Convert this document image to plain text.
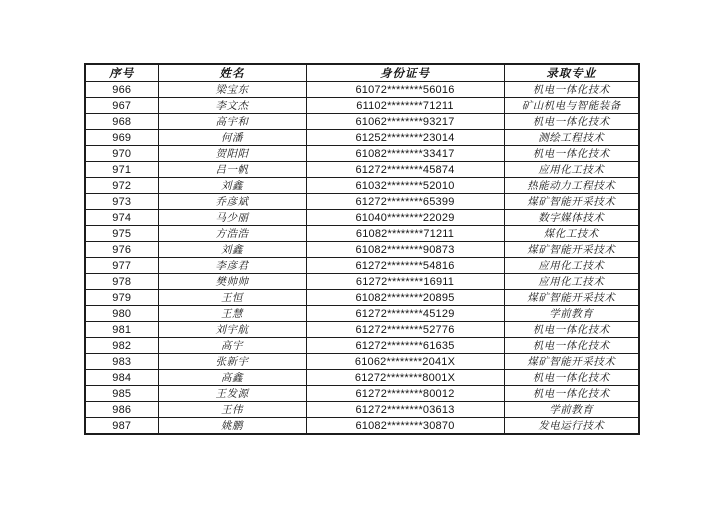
序号	姓名	身份证号	录取专业
966	梁宝东	61072********56016	机电一体化技术
967	李文杰	61102********71211	矿山机电与智能装备
968	高宇和	61062********93217	机电一体化技术
969	何潘	61252********23014	测绘工程技术
970	贺阳阳	61082********33417	机电一体化技术
971	吕一帆	61272********45874	应用化工技术
972	刘鑫	61032********52010	热能动力工程技术
973	乔彦斌	61272********65399	煤矿智能开采技术
974	马少丽	61040********22029	数字媒体技术
975	方浩浩	61082********71211	煤化工技术
976	刘鑫	61082********90873	煤矿智能开采技术
977	李彦君	61272********54816	应用化工技术
978	樊帅帅	61272********16911	应用化工技术
979	王恒	61082********20895	煤矿智能开采技术
980	王慧	61272********45129	学前教育
981	刘宇航	61272********52776	机电一体化技术
982	高宇	61272********61635	机电一体化技术
983	张新宇	61062********2041X	煤矿智能开采技术
984	高鑫	61272********8001X	机电一体化技术
985	王发源	61272********80012	机电一体化技术
986	王伟	61272********03613	学前教育
987	姚鹏	61082********30870	发电运行技术
